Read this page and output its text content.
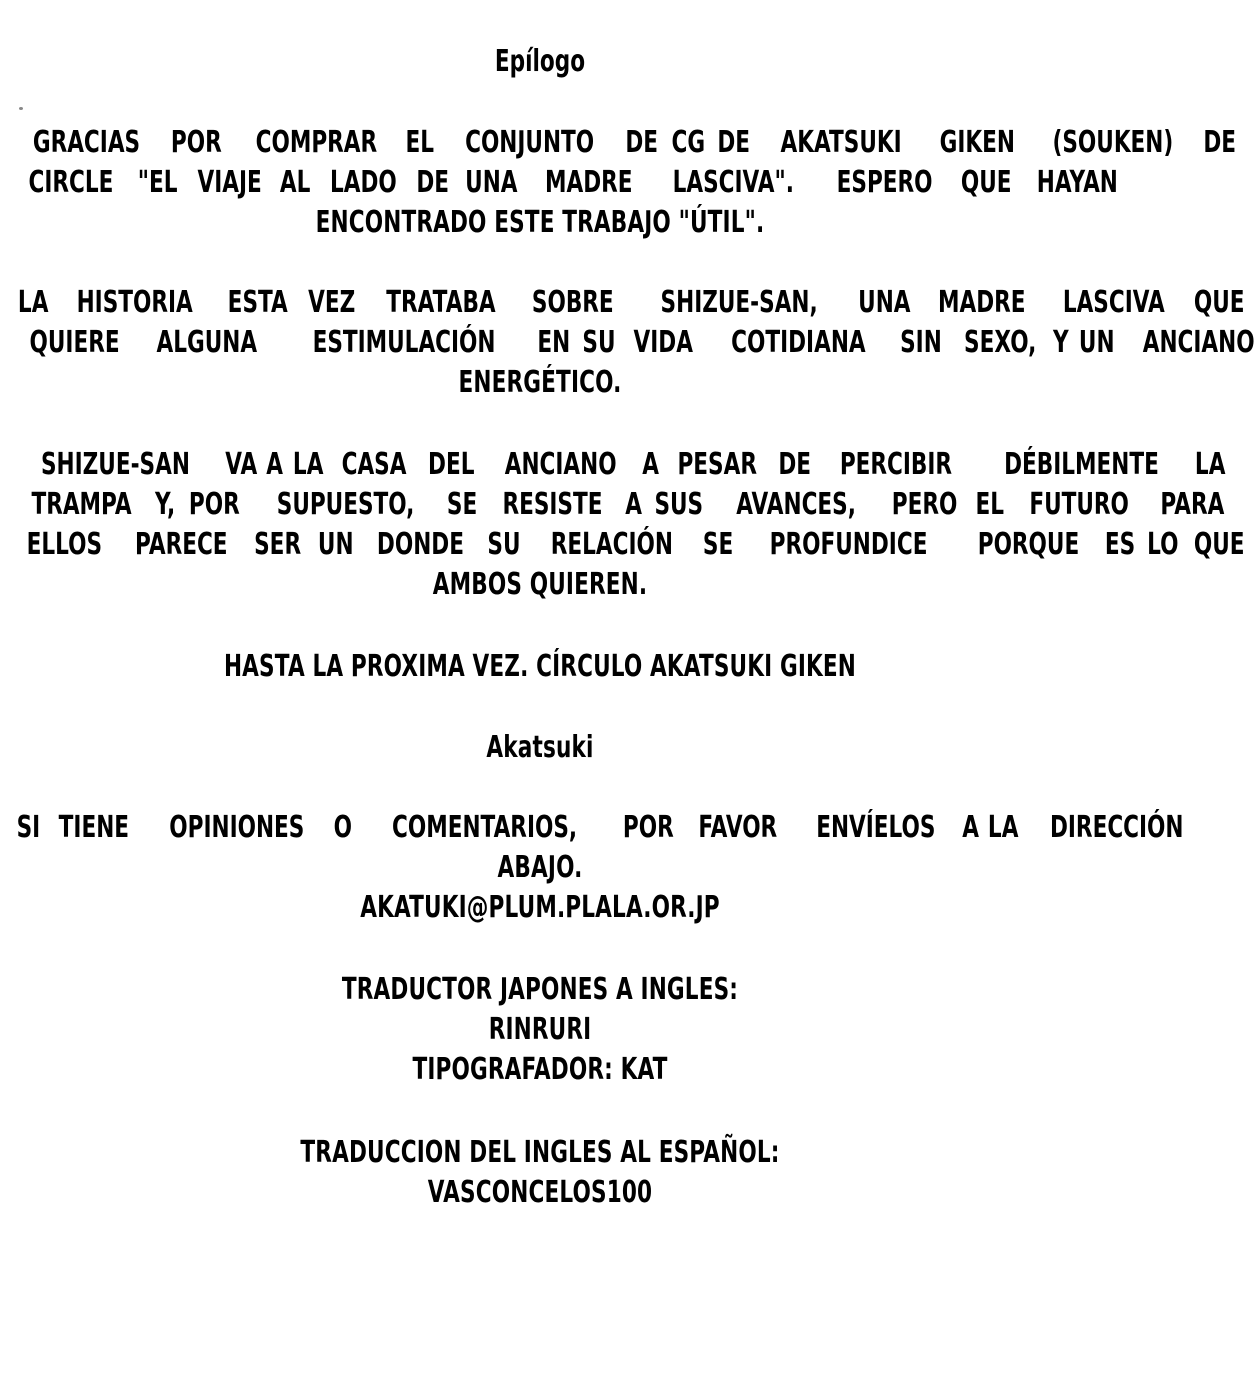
Epílogo
GRACIAS POR COMPRAR EL CONJUNTO DE CG DE AKATSUKI GIKEN (SOUKEN) DE
CIRCLE "EL VIAJE AL LADO DE UNA MADRE LASCIVA". ESPERO QUE HAYAN
ENCONTRADO ESTE TRABAJO "ÚTIL".
LA HISTORIA ESTA VEZ TRATABA SOBRE SHIZUE-SAN, UNA MADRE LASCIVA QUE
QUIERE ALGUNA ESTIMULACIÓN EN SU VIDA COTIDIANA SIN SEXO, Y UN ANCIANO
ENERGÉTICO.
SHIZUE-SAN VA A LA CASA DEL ANCIANO A PESAR DE PERCIBIR DÉBILMENTE LA
TRAMPA Y, POR SUPUESTO, SE RESISTE A SUS AVANCES, PERO EL FUTURO PARA
ELLOS PARECE SER UN DONDE SU RELACIÓN SE PROFUNDICE PORQUE ES LO QUE
AMBOS QUIEREN.
HASTA LA PROXIMA VEZ. CÍRCULO AKATSUKI GIKEN
Akatsuki
SI TIENE OPINIONES O COMENTARIOS, POR FAVOR ENVÍELOS A LA DIRECCIÓN
ABAJO.
AKATUKI@PLUM.PLALA.OR.JP
TRADUCTOR JAPONES A INGLES:
RINRURI
TIPOGRAFADOR: KAT
TRADUCCION DEL INGLES AL ESPAÑOL:
VASCONCELOS100
